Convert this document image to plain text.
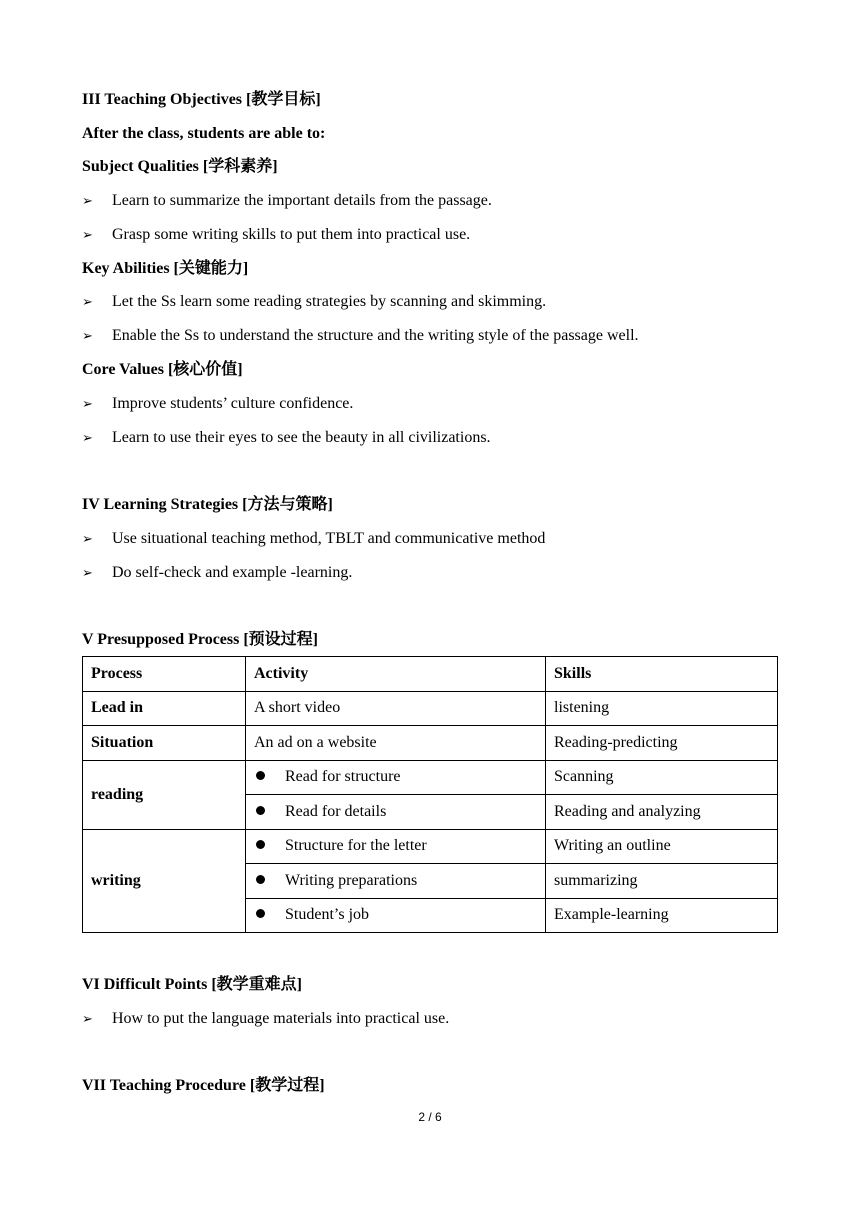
III Teaching Objectives [教学目标]
After the class, students are able to:
Subject Qualities [学科素养]
➢ Learn to summarize the important details from the passage.
➢ Grasp some writing skills to put them into practical use.
Key Abilities [关键能力]
➢ Let the Ss learn some reading strategies by scanning and skimming.
➢ Enable the Ss to understand the structure and the writing style of the passage well.
Core Values [核心价值]
➢ Improve students’ culture confidence.
➢ Learn to use their eyes to see the beauty in all civilizations.
IV Learning Strategies [方法与策略]
➢ Use situational teaching method, TBLT and communicative method
➢ Do self-check and example -learning.
V Presupposed Process [预设过程]
Process	Activity	Skills
Lead in	A short video	listening
Situation	An ad on a website	Reading-predicting
reading	Read for structure	Scanning
	Read for details	Reading and analyzing
writing	Structure for the letter	Writing an outline
	Writing preparations	summarizing
	Student’s job	Example-learning
VI Difficult Points [教学重难点]
➢ How to put the language materials into practical use.
VII Teaching Procedure [教学过程]
2 / 6
